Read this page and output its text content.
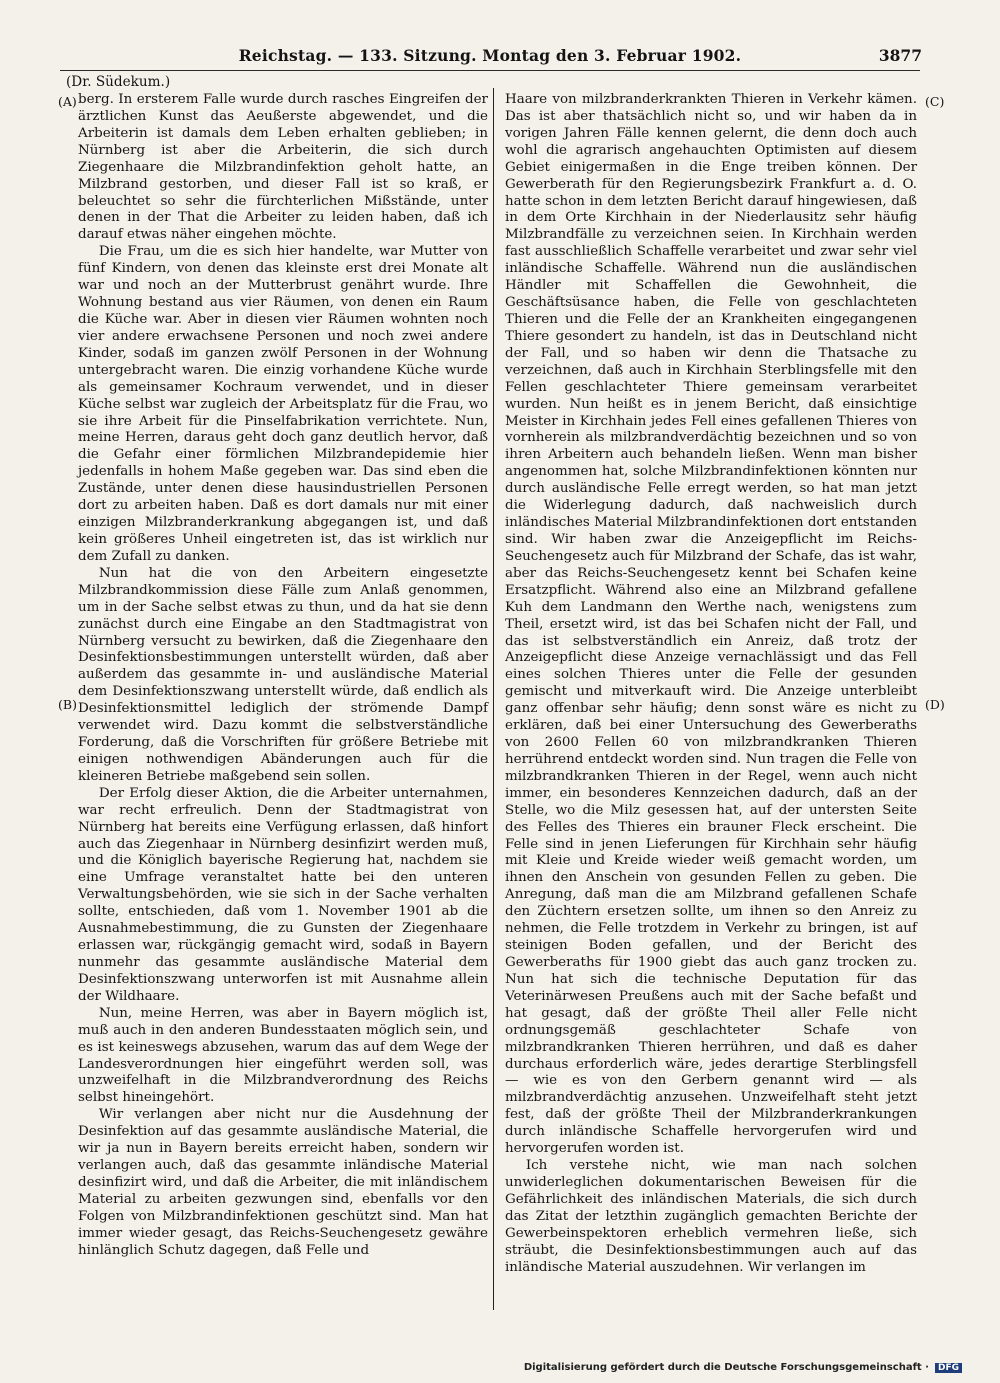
Reichstag. — 133. Sitzung. Montag den 3. Februar 1902.	3877
(Dr. Südekum.)
(A)
(B)
(C)
(D)

berg. In ersterem Falle wurde durch rasches Eingreifen der ärztlichen Kunst das Aeußerste abgewendet, und die Arbeiterin ist damals dem Leben erhalten geblieben; in Nürnberg ist aber die Arbeiterin, die sich durch Ziegenhaare die Milzbrandinfektion geholt hatte, an Milzbrand gestorben, und dieser Fall ist so kraß, er beleuchtet so sehr die fürchterlichen Mißstände, unter denen in der That die Arbeiter zu leiden haben, daß ich darauf etwas näher eingehen möchte.

Die Frau, um die es sich hier handelte, war Mutter von fünf Kindern, von denen das kleinste erst drei Monate alt war und noch an der Mutterbrust genährt wurde. Ihre Wohnung bestand aus vier Räumen, von denen ein Raum die Küche war. Aber in diesen vier Räumen wohnten noch vier andere erwachsene Personen und noch zwei andere Kinder, sodaß im ganzen zwölf Personen in der Wohnung untergebracht waren. Die einzig vorhandene Küche wurde als gemeinsamer Kochraum verwendet, und in dieser Küche selbst war zugleich der Arbeitsplatz für die Frau, wo sie ihre Arbeit für die Pinselfabrikation verrichtete. Nun, meine Herren, daraus geht doch ganz deutlich hervor, daß die Gefahr einer förmlichen Milzbrandepidemie hier jedenfalls in hohem Maße gegeben war. Das sind eben die Zustände, unter denen diese hausindustriellen Personen dort zu arbeiten haben. Daß es dort damals nur mit einer einzigen Milzbranderkrankung abgegangen ist, und daß kein größeres Unheil eingetreten ist, das ist wirklich nur dem Zufall zu danken.

Nun hat die von den Arbeitern eingesetzte Milzbrandkommission diese Fälle zum Anlaß genommen, um in der Sache selbst etwas zu thun, und da hat sie denn zunächst durch eine Eingabe an den Stadtmagistrat von Nürnberg versucht zu bewirken, daß die Ziegenhaare den Desinfektionsbestimmungen unterstellt würden, daß aber außerdem das gesammte in- und ausländische Material dem Desinfektionszwang unterstellt würde, daß endlich als Desinfektionsmittel lediglich der strömende Dampf verwendet wird. Dazu kommt die selbstverständliche Forderung, daß die Vorschriften für größere Betriebe mit einigen nothwendigen Abänderungen auch für die kleineren Betriebe maßgebend sein sollen.

Der Erfolg dieser Aktion, die die Arbeiter unternahmen, war recht erfreulich. Denn der Stadtmagistrat von Nürnberg hat bereits eine Verfügung erlassen, daß hinfort auch das Ziegenhaar in Nürnberg desinfizirt werden muß, und die Königlich bayerische Regierung hat, nachdem sie eine Umfrage veranstaltet hatte bei den unteren Verwaltungsbehörden, wie sie sich in der Sache verhalten sollte, entschieden, daß vom 1. November 1901 ab die Ausnahmebestimmung, die zu Gunsten der Ziegenhaare erlassen war, rückgängig gemacht wird, sodaß in Bayern nunmehr das gesammte ausländische Material dem Desinfektionszwang unterworfen ist mit Ausnahme allein der Wildhaare.

Nun, meine Herren, was aber in Bayern möglich ist, muß auch in den anderen Bundesstaaten möglich sein, und es ist keineswegs abzusehen, warum das auf dem Wege der Landesverordnungen hier eingeführt werden soll, was unzweifelhaft in die Milzbrandverordnung des Reichs selbst hineingehört.

Wir verlangen aber nicht nur die Ausdehnung der Desinfektion auf das gesammte ausländische Material, die wir ja nun in Bayern bereits erreicht haben, sondern wir verlangen auch, daß das gesammte inländische Material desinfizirt wird, und daß die Arbeiter, die mit inländischem Material zu arbeiten gezwungen sind, ebenfalls vor den Folgen von Milzbrandinfektionen geschützt sind. Man hat immer wieder gesagt, das Reichs-Seuchengesetz gewähre hinlänglich Schutz dagegen, daß Felle und

Haare von milzbranderkrankten Thieren in Verkehr kämen. Das ist aber thatsächlich nicht so, und wir haben da in vorigen Jahren Fälle kennen gelernt, die denn doch auch wohl die agrarisch angehauchten Optimisten auf diesem Gebiet einigermaßen in die Enge treiben können. Der Gewerberath für den Regierungsbezirk Frankfurt a. d. O. hatte schon in dem letzten Bericht darauf hingewiesen, daß in dem Orte Kirchhain in der Niederlausitz sehr häufig Milzbrandfälle zu verzeichnen seien. In Kirchhain werden fast ausschließlich Schaffelle verarbeitet und zwar sehr viel inländische Schaffelle. Während nun die ausländischen Händler mit Schaffellen die Gewohnheit, die Geschäftsüsance haben, die Felle von geschlachteten Thieren und die Felle der an Krankheiten eingegangenen Thiere gesondert zu handeln, ist das in Deutschland nicht der Fall, und so haben wir denn die Thatsache zu verzeichnen, daß auch in Kirchhain Sterblingsfelle mit den Fellen geschlachteter Thiere gemeinsam verarbeitet wurden. Nun heißt es in jenem Bericht, daß einsichtige Meister in Kirchhain jedes Fell eines gefallenen Thieres von vornherein als milzbrandverdächtig bezeichnen und so von ihren Arbeitern auch behandeln ließen. Wenn man bisher angenommen hat, solche Milzbrandinfektionen könnten nur durch ausländische Felle erregt werden, so hat man jetzt die Widerlegung dadurch, daß nachweislich durch inländisches Material Milzbrandinfektionen dort entstanden sind. Wir haben zwar die Anzeigepflicht im Reichs-Seuchengesetz auch für Milzbrand der Schafe, das ist wahr, aber das Reichs-Seuchengesetz kennt bei Schafen keine Ersatzpflicht. Während also eine an Milzbrand gefallene Kuh dem Landmann den Werthe nach, wenigstens zum Theil, ersetzt wird, ist das bei Schafen nicht der Fall, und das ist selbstverständlich ein Anreiz, daß trotz der Anzeigepflicht diese Anzeige vernachlässigt und das Fell eines solchen Thieres unter die Felle der gesunden gemischt und mitverkauft wird. Die Anzeige unterbleibt ganz offenbar sehr häufig; denn sonst wäre es nicht zu erklären, daß bei einer Untersuchung des Gewerberaths von 2600 Fellen 60 von milzbrandkranken Thieren herrührend entdeckt worden sind. Nun tragen die Felle von milzbrandkranken Thieren in der Regel, wenn auch nicht immer, ein besonderes Kennzeichen dadurch, daß an der Stelle, wo die Milz gesessen hat, auf der untersten Seite des Felles des Thieres ein brauner Fleck erscheint. Die Felle sind in jenen Lieferungen für Kirchhain sehr häufig mit Kleie und Kreide wieder weiß gemacht worden, um ihnen den Anschein von gesunden Fellen zu geben. Die Anregung, daß man die am Milzbrand gefallenen Schafe den Züchtern ersetzen sollte, um ihnen so den Anreiz zu nehmen, die Felle trotzdem in Verkehr zu bringen, ist auf steinigen Boden gefallen, und der Bericht des Gewerberaths für 1900 giebt das auch ganz trocken zu. Nun hat sich die technische Deputation für das Veterinärwesen Preußens auch mit der Sache befaßt und hat gesagt, daß der größte Theil aller Felle nicht ordnungsgemäß geschlachteter Schafe von milzbrandkranken Thieren herrühren, und daß es daher durchaus erforderlich wäre, jedes derartige Sterblingsfell — wie es von den Gerbern genannt wird — als milzbrandverdächtig anzusehen. Unzweifelhaft steht jetzt fest, daß der größte Theil der Milzbranderkrankungen durch inländische Schaffelle hervorgerufen wird und hervorgerufen worden ist.

Ich verstehe nicht, wie man nach solchen unwiderleglichen dokumentarischen Beweisen für die Gefährlichkeit des inländischen Materials, die sich durch das Zitat der letzthin zugänglich gemachten Berichte der Gewerbeinspektoren erheblich vermehren ließe, sich sträubt, die Desinfektionsbestimmungen auch auf das inländische Material auszudehnen. Wir verlangen im

Digitalisierung gefördert durch die Deutsche Forschungsgemeinschaft ·	DFG
